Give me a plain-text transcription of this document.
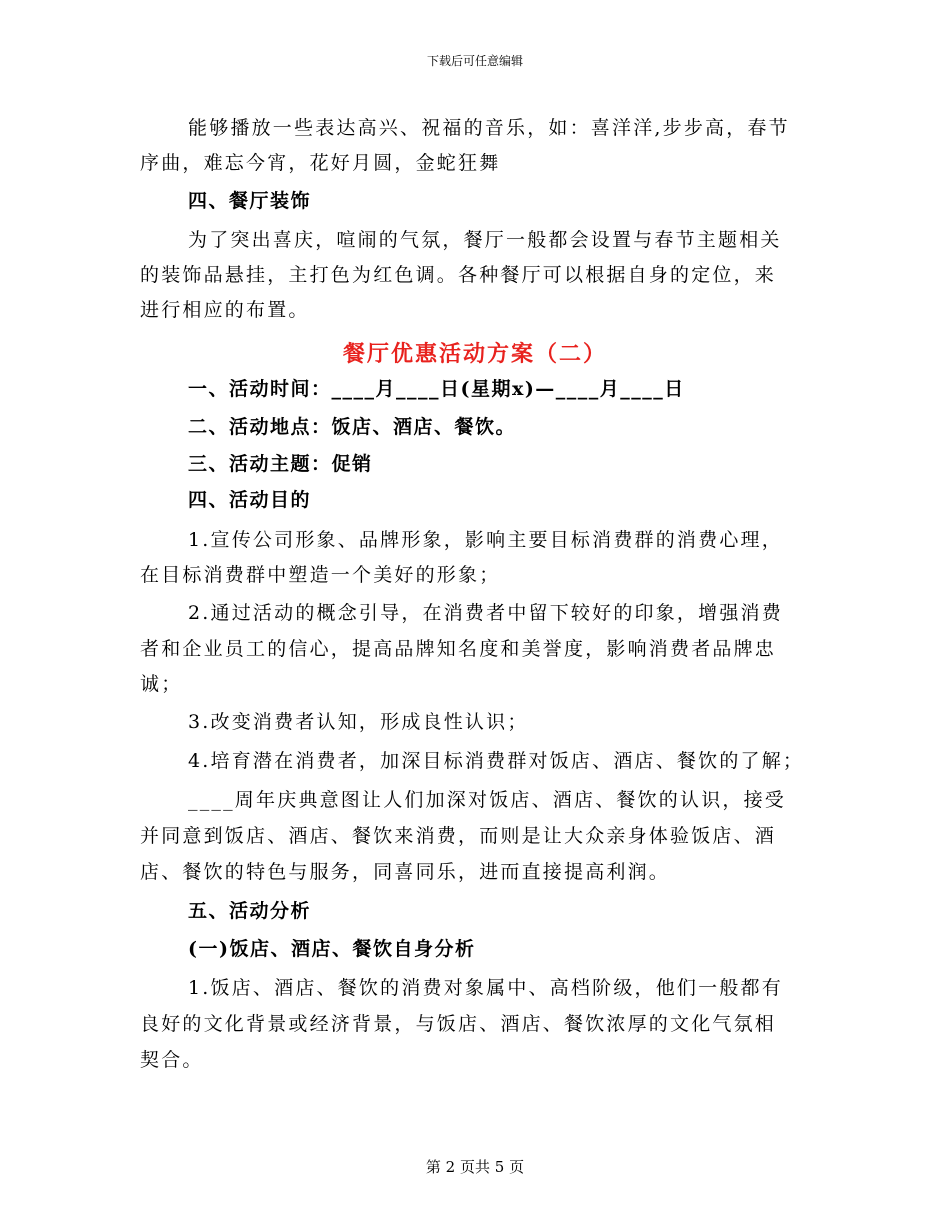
下载后可任意编辑
餐厅优惠活动方案（二）
能够播放一些表达高兴、祝福的音乐，如：喜洋洋,步步高，春节
序曲，难忘今宵，花好月圆，金蛇狂舞
四、餐厅装饰
为了突出喜庆，喧闹的气氛，餐厅一般都会设置与春节主题相关
的装饰品悬挂，主打色为红色调。各种餐厅可以根据自身的定位，来
进行相应的布置。
一、活动时间：____月____日(星期x)—____月____日
二、活动地点：饭店、酒店、餐饮。
三、活动主题：促销
四、活动目的
1.宣传公司形象、品牌形象，影响主要目标消费群的消费心理，
在目标消费群中塑造一个美好的形象；
2.通过活动的概念引导，在消费者中留下较好的印象，增强消费
者和企业员工的信心，提高品牌知名度和美誉度，影响消费者品牌忠
诚；
3.改变消费者认知，形成良性认识；
4.培育潜在消费者，加深目标消费群对饭店、酒店、餐饮的了解；
____周年庆典意图让人们加深对饭店、酒店、餐饮的认识，接受
并同意到饭店、酒店、餐饮来消费，而则是让大众亲身体验饭店、酒
店、餐饮的特色与服务，同喜同乐，进而直接提高利润。
五、活动分析
(一)饭店、酒店、餐饮自身分析
1.饭店、酒店、餐饮的消费对象属中、高档阶级，他们一般都有
良好的文化背景或经济背景，与饭店、酒店、餐饮浓厚的文化气氛相
契合。
第 2 页共 5 页
